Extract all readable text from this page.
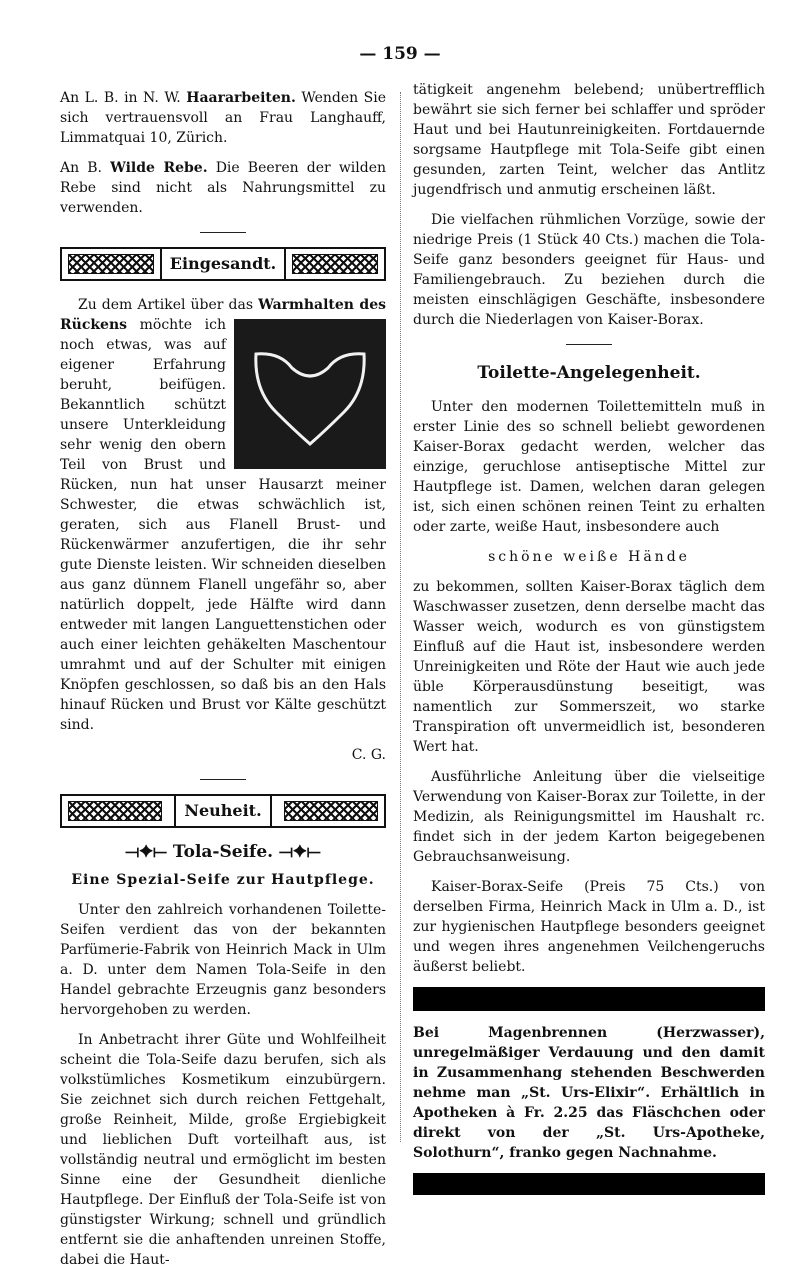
— 159 —

An L. B. in N. W. Haararbeiten. Wenden Sie sich vertrauensvoll an Frau Langhauff, Limmatquai 10, Zürich.

An B. Wilde Rebe. Die Beeren der wilden Rebe sind nicht als Nahrungsmittel zu verwenden.

Eingesandt.

Zu dem Artikel über das Warmhalten des Rückens möchte ich noch etwas, was auf eigener Erfahrung beruht, beifügen. Bekanntlich schützt unsere Unterkleidung sehr wenig den obern Teil von Brust und Rücken, nun hat unser Hausarzt meiner Schwester, die etwas schwächlich ist, geraten, sich aus Flanell Brust- und Rückenwärmer anzufertigen, die ihr sehr gute Dienste leisten. Wir schneiden dieselben aus ganz dünnem Flanell ungefähr so, aber natürlich doppelt, jede Hälfte wird dann entweder mit langen Languettenstichen oder auch einer leichten gehäkelten Maschentour umrahmt und auf der Schulter mit einigen Knöpfen geschlossen, so daß bis an den Hals hinauf Rücken und Brust vor Kälte geschützt sind.

C. G.

Neuheit.
⟞✦⟝ Tola-Seife. ⟞✦⟝
Eine Spezial-Seife zur Hautpflege.

Unter den zahlreich vorhandenen Toilette-Seifen verdient das von der bekannten Parfümerie-Fabrik von Heinrich Mack in Ulm a. D. unter dem Namen Tola-Seife in den Handel gebrachte Erzeugnis ganz besonders hervorgehoben zu werden.

In Anbetracht ihrer Güte und Wohlfeilheit scheint die Tola-Seife dazu berufen, sich als volkstümliches Kosmetikum einzubürgern. Sie zeichnet sich durch reichen Fettgehalt, große Reinheit, Milde, große Ergiebigkeit und lieblichen Duft vorteilhaft aus, ist vollständig neutral und ermöglicht im besten Sinne eine der Gesundheit dienliche Hautpflege. Der Einfluß der Tola-Seife ist von günstigster Wirkung; schnell und gründlich entfernt sie die anhaftenden unreinen Stoffe, dabei die Haut-

tätigkeit angenehm belebend; unübertrefflich bewährt sie sich ferner bei schlaffer und spröder Haut und bei Hautunreinigkeiten. Fortdauernde sorgsame Hautpflege mit Tola-Seife gibt einen gesunden, zarten Teint, welcher das Antlitz jugendfrisch und anmutig erscheinen läßt.

Die vielfachen rühmlichen Vorzüge, sowie der niedrige Preis (1 Stück 40 Cts.) machen die Tola-Seife ganz besonders geeignet für Haus- und Familiengebrauch. Zu beziehen durch die meisten einschlägigen Geschäfte, insbesondere durch die Niederlagen von Kaiser-Borax.

Toilette-Angelegenheit.

Unter den modernen Toilettemitteln muß in erster Linie des so schnell beliebt gewordenen Kaiser-Borax gedacht werden, welcher das einzige, geruchlose antiseptische Mittel zur Hautpflege ist. Damen, welchen daran gelegen ist, sich einen schönen reinen Teint zu erhalten oder zarte, weiße Haut, insbesondere auch

schöne weiße Hände

zu bekommen, sollten Kaiser-Borax täglich dem Waschwasser zusetzen, denn derselbe macht das Wasser weich, wodurch es von günstigstem Einfluß auf die Haut ist, insbesondere werden Unreinigkeiten und Röte der Haut wie auch jede üble Körperausdünstung beseitigt, was namentlich zur Sommerszeit, wo starke Transpiration oft unvermeidlich ist, besonderen Wert hat.

Ausführliche Anleitung über die vielseitige Verwendung von Kaiser-Borax zur Toilette, in der Medizin, als Reinigungsmittel im Haushalt rc. findet sich in der jedem Karton beigegebenen Gebrauchsanweisung.

Kaiser-Borax-Seife (Preis 75 Cts.) von derselben Firma, Heinrich Mack in Ulm a. D., ist zur hygienischen Hautpflege besonders geeignet und wegen ihres angenehmen Veilchengeruchs äußerst beliebt.

Bei Magenbrennen (Herzwasser), unregelmäßiger Verdauung und den damit in Zusammenhang stehenden Beschwerden nehme man „St. Urs-Elixir“. Erhältlich in Apotheken à Fr. 2.25 das Fläschchen oder direkt von der „St. Urs-Apotheke, Solothurn“, franko gegen Nachnahme.
